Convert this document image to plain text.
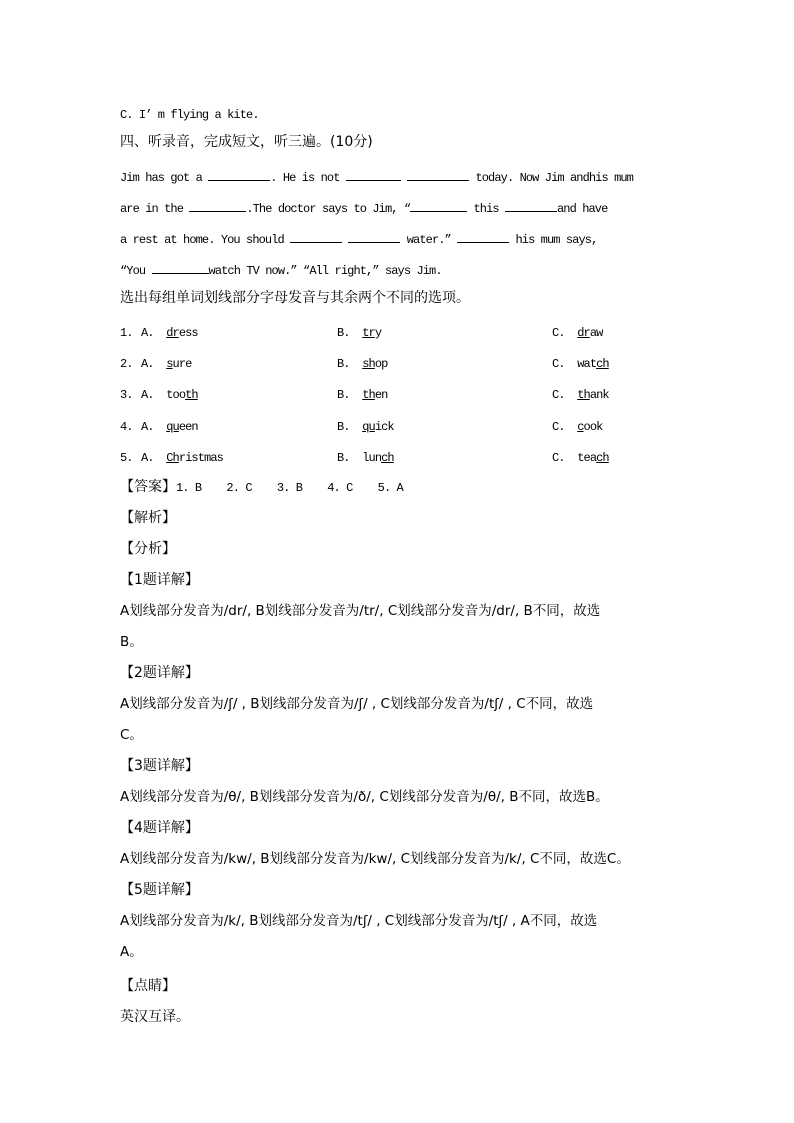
C. I’ m flying a kite.
四、听录音，完成短文，听三遍。(10分)
Jim has got a	. He is not	today. Now Jim andhis mum
are in the	.The doctor says to Jim, “	this	and have
a rest at home. You should	water.”	his mum says,
“You	watch TV now.” “All right,” says Jim.
选出每组单词划线部分字母发音与其余两个不同的选项。
1. A. dress	B. try	C. draw
2. A. sure	B. shop	C. watch
3. A. tooth	B. then	C. thank
4. A. queen	B. quick	C. cook
5. A. Christmas	B. lunch	C. teach
【答案】1. B    2. C    3. B    4. C    5. A
【解析】
【分析】
【1题详解】
A划线部分发音为/dr/, B划线部分发音为/tr/, C划线部分发音为/dr/, B不同，故选
B。
【2题详解】
A划线部分发音为/ʃ/ , B划线部分发音为/ʃ/ , C划线部分发音为/tʃ/ , C不同，故选
C。
【3题详解】
A划线部分发音为/θ/, B划线部分发音为/ð/, C划线部分发音为/θ/, B不同，故选B。
【4题详解】
A划线部分发音为/kw/, B划线部分发音为/kw/, C划线部分发音为/k/, C不同，故选C。
【5题详解】
A划线部分发音为/k/, B划线部分发音为/tʃ/ , C划线部分发音为/tʃ/ , A不同，故选
A。
【点睛】
英汉互译。
